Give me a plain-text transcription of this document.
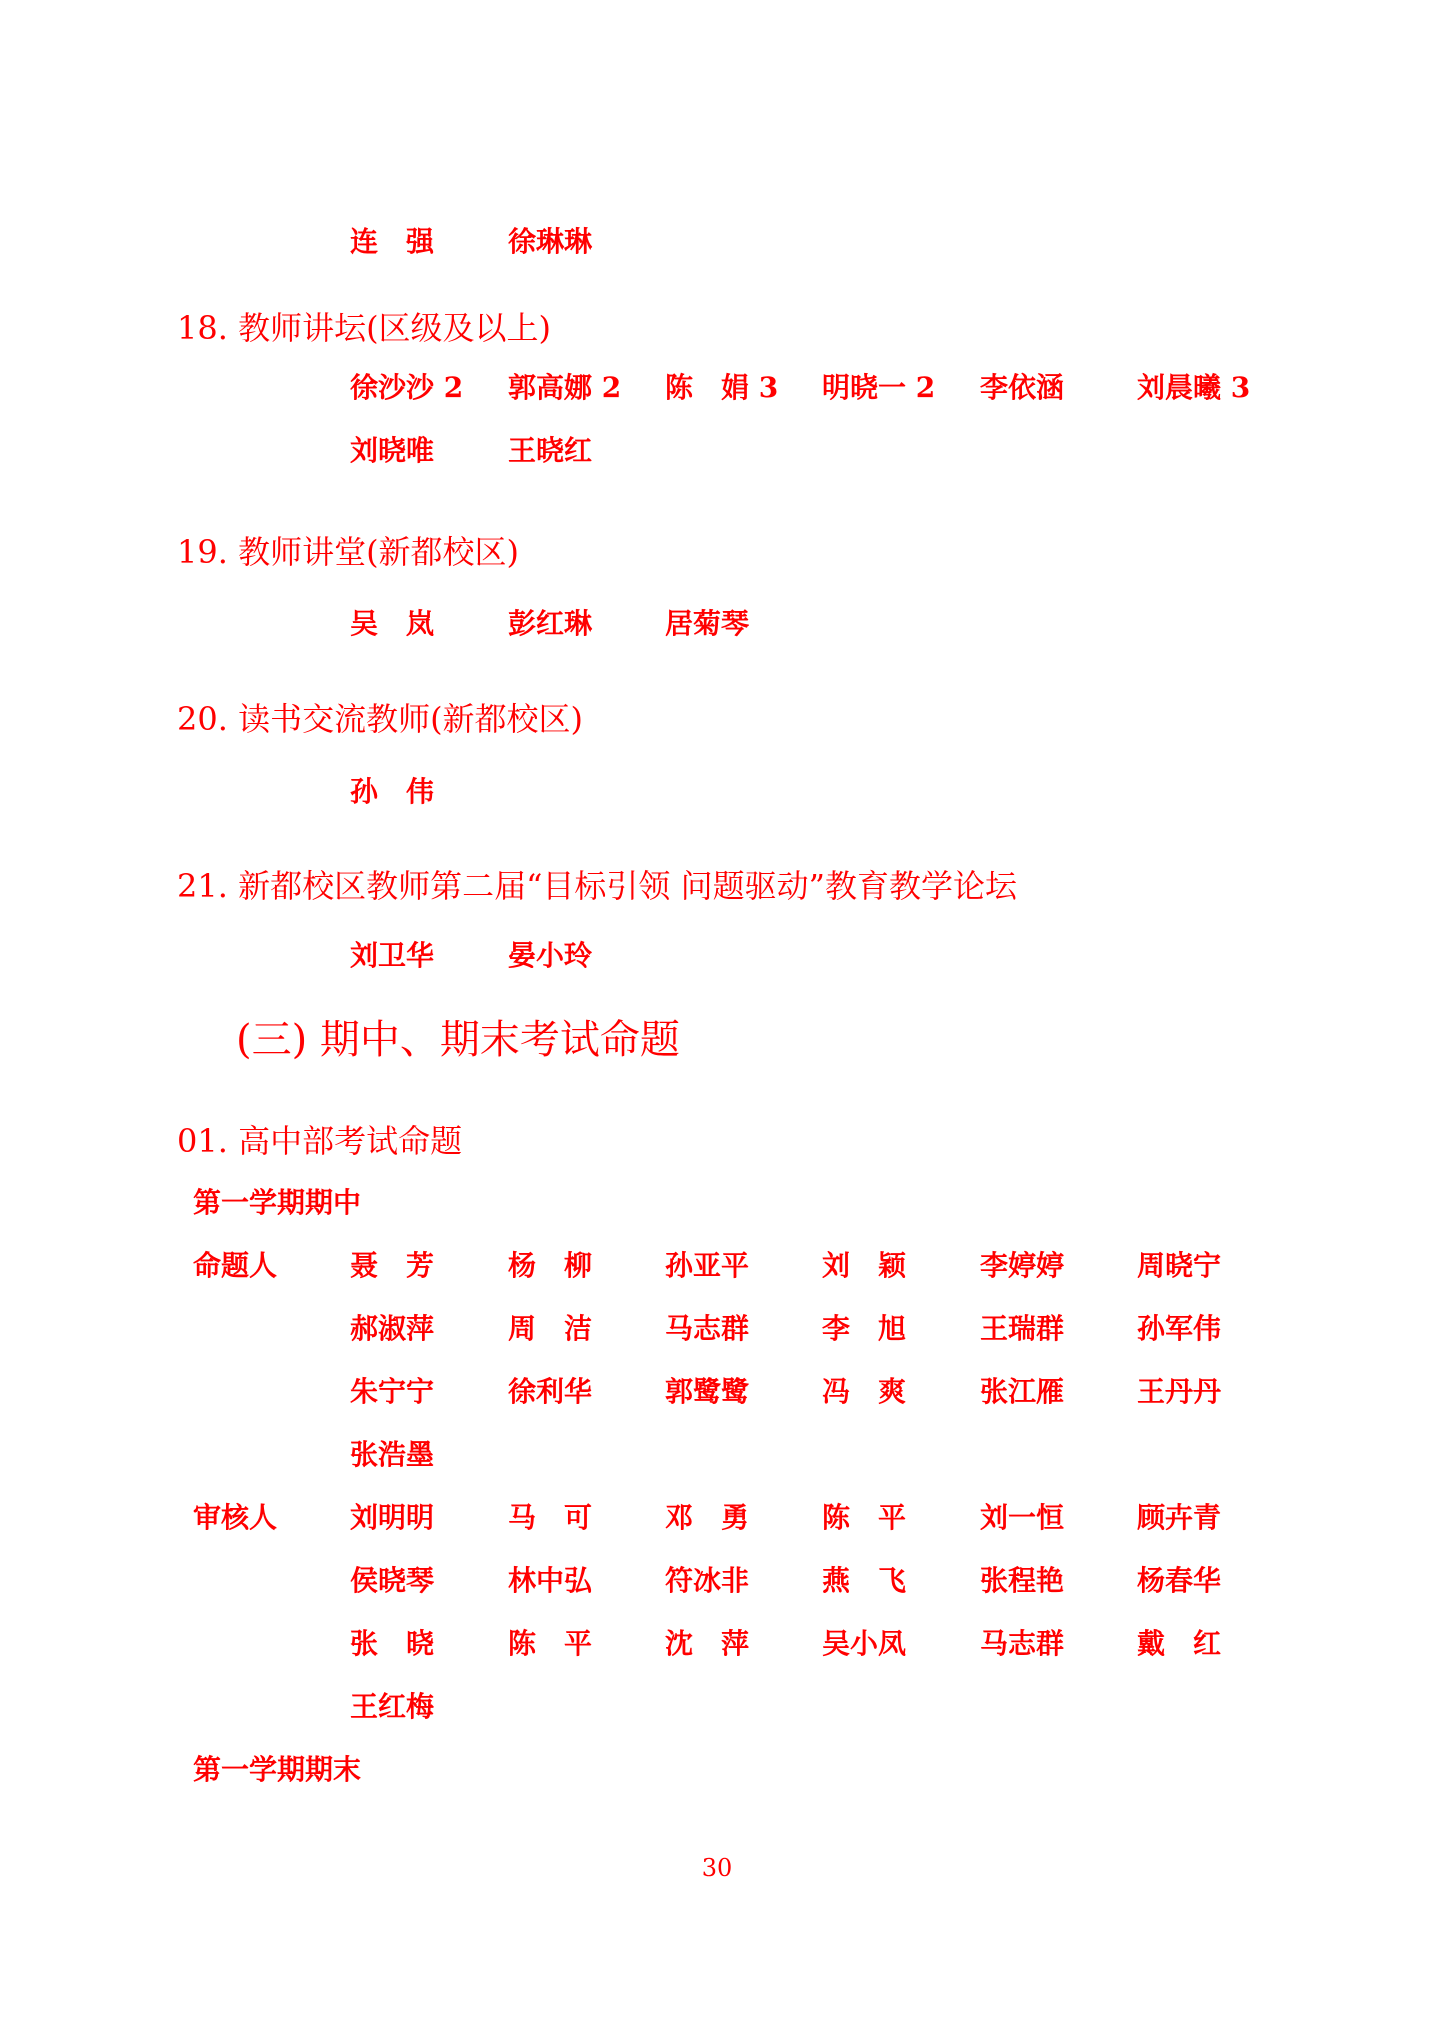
连　强	徐琳琳
18. 教师讲坛(区级及以上)
徐沙沙 2 郭高娜 2 陈　娟 3 明晓一 2 李依涵	刘晨曦 3
刘晓唯	王晓红
19. 教师讲堂(新都校区)
吴　岚	彭红琳	居菊琴
20. 读书交流教师(新都校区)
孙　伟
21. 新都校区教师第二届“目标引领 问题驱动”教育教学论坛
刘卫华	晏小玲
(三) 期中、期末考试命题
01. 高中部考试命题
第一学期期中
命题人	聂　芳	杨　柳	孙亚平	刘　颖	李婷婷	周晓宁
郝淑萍	周　洁	马志群	李　旭	王瑞群	孙军伟
朱宁宁	徐利华	郭鹭鹭	冯　爽	张江雁	王丹丹
张浩墨
审核人	刘明明	马　可	邓　勇	陈　平	刘一恒	顾卉青
侯晓琴	林中弘	符冰非	燕　飞	张程艳	杨春华
张　晓	陈　平	沈　萍	吴小凤	马志群	戴　红
王红梅
第一学期期末
30
